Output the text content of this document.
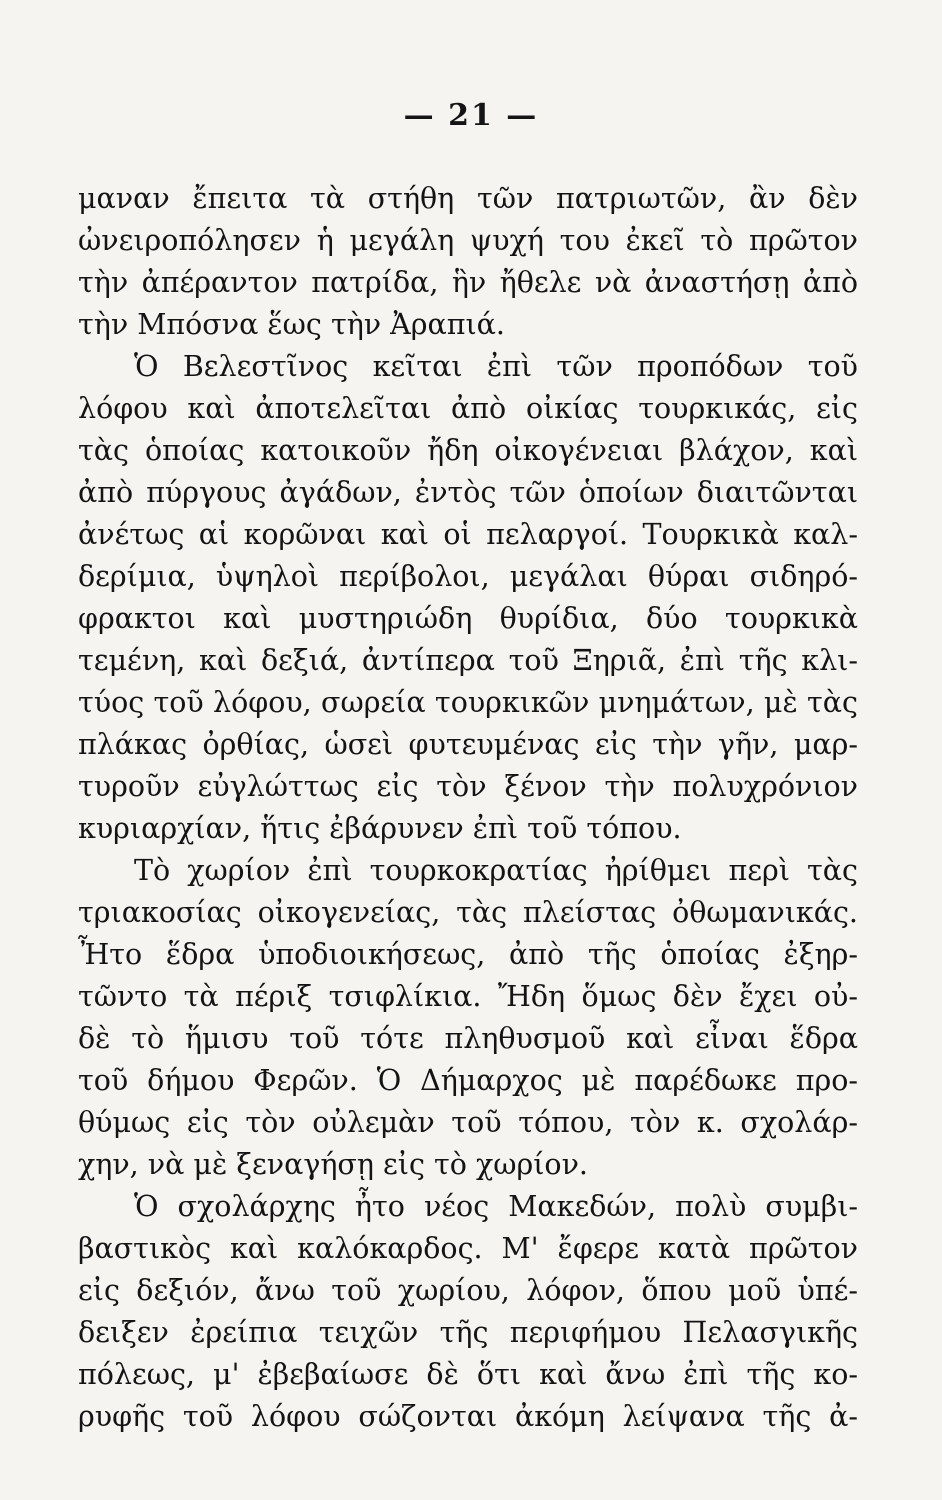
— 21 —
μαναν ἔπειτα τὰ στήθη τῶν πατριωτῶν, ἂν δὲν
ὠνειροπόλησεν ἡ μεγάλη ψυχή του ἐκεῖ τὸ πρῶτον
τὴν ἀπέραντον πατρίδα, ἣν ἤθελε νὰ ἀναστήσῃ ἀπὸ
τὴν Μπόσνα ἕως τὴν Ἀραπιά.
Ὁ Βελεστῖνος κεῖται ἐπὶ τῶν προπόδων τοῦ
λόφου καὶ ἀποτελεῖται ἀπὸ οἰκίας τουρκικάς, εἰς
τὰς ὁποίας κατοικοῦν ἤδη οἰκογένειαι βλάχον, καὶ
ἀπὸ πύργους ἀγάδων, ἐντὸς τῶν ὁποίων διαιτῶνται
ἀνέτως αἱ κορῶναι καὶ οἱ πελαργοί. Τουρκικὰ καλ-
δερίμια, ὑψηλοὶ περίβολοι, μεγάλαι θύραι σιδηρό-
φρακτοι καὶ μυστηριώδη θυρίδια, δύο τουρκικὰ
τεμένη, καὶ δεξιά, ἀντίπερα τοῦ Ξηριᾶ, ἐπὶ τῆς κλι-
τύος τοῦ λόφου, σωρεία τουρκικῶν μνημάτων, μὲ τὰς
πλάκας ὀρθίας, ὡσεὶ φυτευμένας εἰς τὴν γῆν, μαρ-
τυροῦν εὐγλώττως εἰς τὸν ξένον τὴν πολυχρόνιον
κυριαρχίαν, ἥτις ἐβάρυνεν ἐπὶ τοῦ τόπου.
Τὸ χωρίον ἐπὶ τουρκοκρατίας ἠρίθμει περὶ τὰς
τριακοσίας οἰκογενείας, τὰς πλείστας ὀθωμανικάς.
Ἦτο ἕδρα ὑποδιοικήσεως, ἀπὸ τῆς ὁποίας ἐξηρ-
τῶντο τὰ πέριξ τσιφλίκια. Ἤδη ὅμως δὲν ἔχει οὐ-
δὲ τὸ ἥμισυ τοῦ τότε πληθυσμοῦ καὶ εἶναι ἕδρα
τοῦ δήμου Φερῶν. Ὁ Δήμαρχος μὲ παρέδωκε προ-
θύμως εἰς τὸν οὐλεμὰν τοῦ τόπου, τὸν κ. σχολάρ-
χην, νὰ μὲ ξεναγήσῃ εἰς τὸ χωρίον.
Ὁ σχολάρχης ἦτο νέος Μακεδών, πολὺ συμβι-
βαστικὸς καὶ καλόκαρδος. Μ' ἔφερε κατὰ πρῶτον
εἰς δεξιόν, ἄνω τοῦ χωρίου, λόφον, ὅπου μοῦ ὑπέ-
δειξεν ἐρείπια τειχῶν τῆς περιφήμου Πελασγικῆς
πόλεως, μ' ἐβεβαίωσε δὲ ὅτι καὶ ἄνω ἐπὶ τῆς κο-
ρυφῆς τοῦ λόφου σώζονται ἀκόμη λείψανα τῆς ἀ-
